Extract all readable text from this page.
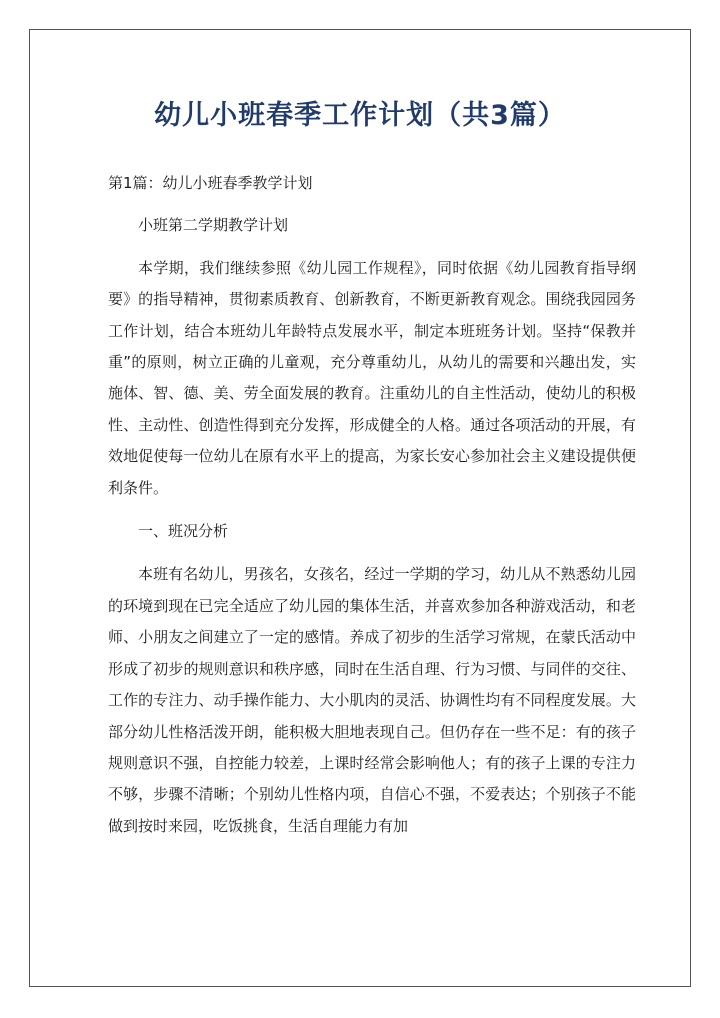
幼儿小班春季工作计划（共3篇）

第1篇：幼儿小班春季教学计划

小班第二学期教学计划

本学期，我们继续参照《幼儿园工作规程》，同时依据《幼儿园教育指导纲要》的指导精神，贯彻素质教育、创新教育，不断更新教育观念。围绕我园园务工作计划，结合本班幼儿年龄特点发展水平，制定本班班务计划。坚持“保教并重”的原则，树立正确的儿童观，充分尊重幼儿，从幼儿的需要和兴趣出发，实施体、智、德、美、劳全面发展的教育。注重幼儿的自主性活动，使幼儿的积极性、主动性、创造性得到充分发挥，形成健全的人格。通过各项活动的开展，有效地促使每一位幼儿在原有水平上的提高，为家长安心参加社会主义建设提供便利条件。

一、班况分析

本班有名幼儿，男孩名，女孩名，经过一学期的学习，幼儿从不熟悉幼儿园的环境到现在已完全适应了幼儿园的集体生活，并喜欢参加各种游戏活动，和老师、小朋友之间建立了一定的感情。养成了初步的生活学习常规，在蒙氏活动中形成了初步的规则意识和秩序感，同时在生活自理、行为习惯、与同伴的交往、工作的专注力、动手操作能力、大小肌肉的灵活、协调性均有不同程度发展。大部分幼儿性格活泼开朗，能积极大胆地表现自己。但仍存在一些不足：有的孩子规则意识不强，自控能力较差，上课时经常会影响他人；有的孩子上课的专注力不够，步骤不清晰；个别幼儿性格内项，自信心不强，不爱表达；个别孩子不能做到按时来园，吃饭挑食，生活自理能力有加
